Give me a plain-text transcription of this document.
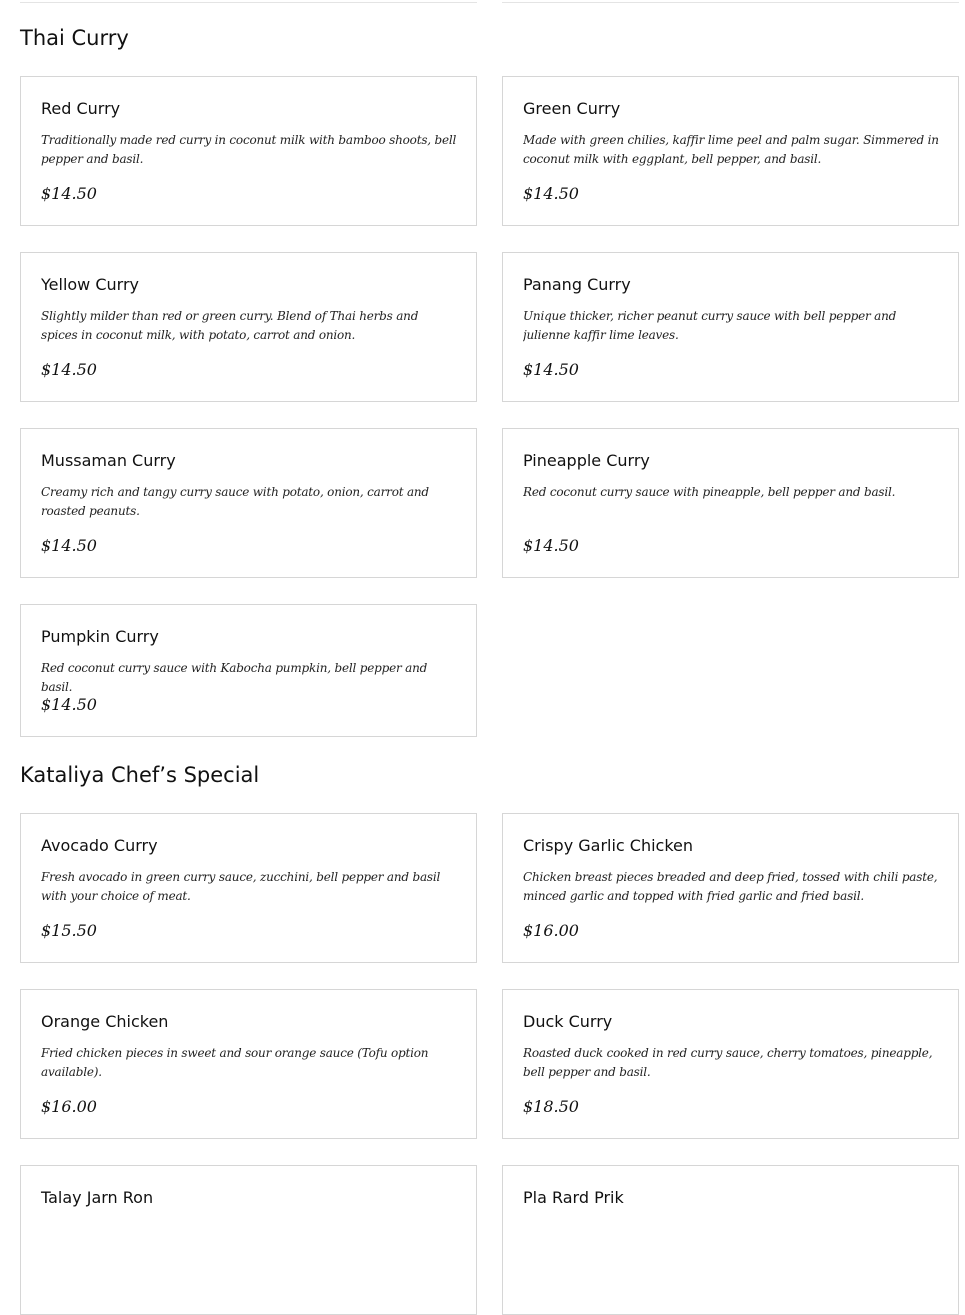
Thai Curry
Red Curry
Traditionally made red curry in coconut milk with bamboo shoots, bell pepper and basil.
$14.50
Green Curry
Made with green chilies, kaffir lime peel and palm sugar. Simmered in coconut milk with eggplant, bell pepper, and basil.
$14.50
Yellow Curry
Slightly milder than red or green curry. Blend of Thai herbs and spices in coconut milk, with potato, carrot and onion.
$14.50
Panang Curry
Unique thicker, richer peanut curry sauce with bell pepper and julienne kaffir lime leaves.
$14.50
Mussaman Curry
Creamy rich and tangy curry sauce with potato, onion, carrot and roasted peanuts.
$14.50
Pineapple Curry
Red coconut curry sauce with pineapple, bell pepper and basil.
$14.50
Pumpkin Curry
Red coconut curry sauce with Kabocha pumpkin, bell pepper and basil.
$14.50
Kataliya Chef’s Special
Avocado Curry
Fresh avocado in green curry sauce, zucchini, bell pepper and basil with your choice of meat.
$15.50
Crispy Garlic Chicken
Chicken breast pieces breaded and deep fried, tossed with chili paste, minced garlic and topped with fried garlic and fried basil.
$16.00
Orange Chicken
Fried chicken pieces in sweet and sour orange sauce (Tofu option available).
$16.00
Duck Curry
Roasted duck cooked in red curry sauce, cherry tomatoes, pineapple, bell pepper and basil.
$18.50
Talay Jarn Ron	Pla Rard Prik
